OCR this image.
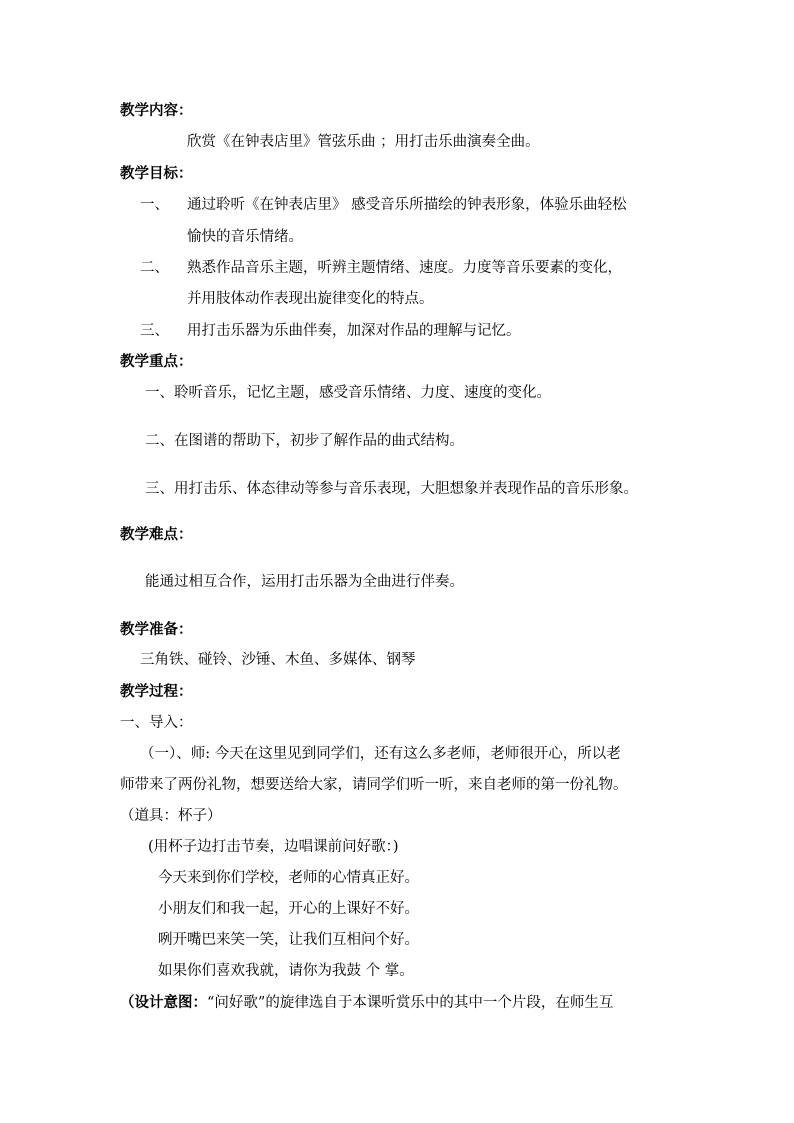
教学内容：
欣赏《在钟表店里》管弦乐曲 ；用打击乐曲演奏全曲。
教学目标：
一、 通过聆听《在钟表店里》 感受音乐所描绘的钟表形象，体验乐曲轻松
愉快的音乐情绪。
二、 熟悉作品音乐主题，听辨主题情绪、速度。力度等音乐要素的变化，
并用肢体动作表现出旋律变化的特点。
三、 用打击乐器为乐曲伴奏，加深对作品的理解与记忆。
教学重点：
一、聆听音乐，记忆主题，感受音乐情绪、力度、速度的变化。
二、在图谱的帮助下，初步了解作品的曲式结构。
三、用打击乐、体态律动等参与音乐表现，大胆想象并表现作品的音乐形象。
教学难点：
能通过相互合作，运用打击乐器为全曲进行伴奏。
教学准备：
三角铁、碰铃、沙锤、木鱼、多媒体、钢琴
教学过程：
一、导入：
（一）、师: 今天在这里见到同学们，还有这么多老师，老师很开心，所以老
师带来了两份礼物，想要送给大家，请同学们听一听，来自老师的第一份礼物。
（道具：杯子）
(用杯子边打击节奏，边唱课前问好歌：)
今天来到你们学校，老师的心情真正好。
小朋友们和我一起，开心的上课好不好。
咧开嘴巴来笑一笑，让我们互相问个好。
如果你们喜欢我就，请你为我鼓 个 掌。
（设计意图：“问好歌”的旋律选自于本课听赏乐中的其中一个片段，在师生互
